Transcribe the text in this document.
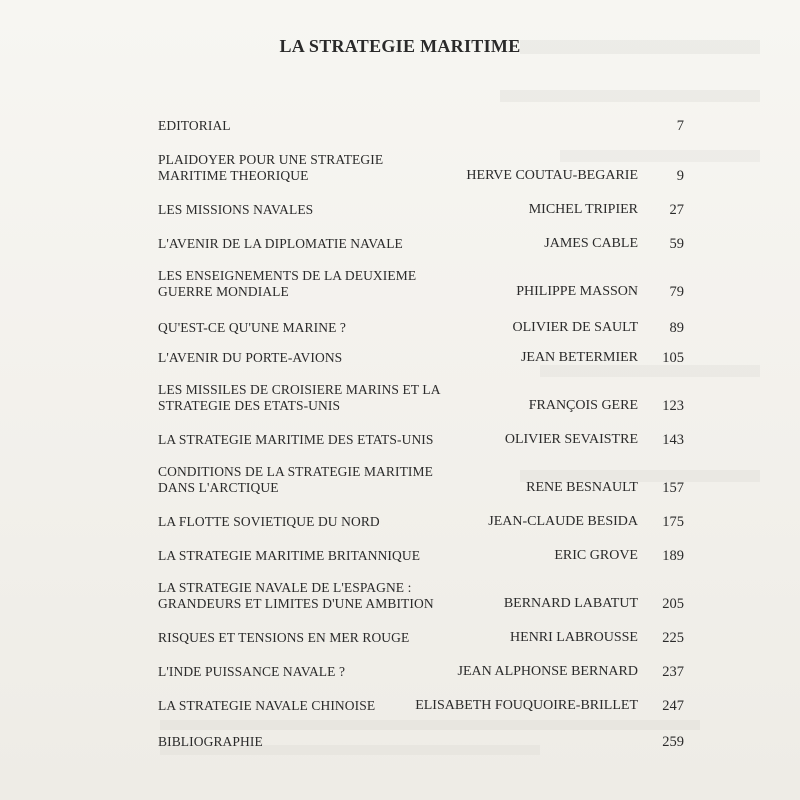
LA STRATEGIE MARITIME
EDITORIAL	7
PLAIDOYER POUR UNE STRATEGIE
MARITIME THEORIQUE	HERVE COUTAU-BEGARIE	9
LES MISSIONS NAVALES	MICHEL TRIPIER	27
L'AVENIR DE LA DIPLOMATIE NAVALE	JAMES CABLE	59
LES ENSEIGNEMENTS DE LA DEUXIEME
GUERRE MONDIALE	PHILIPPE MASSON	79
QU'EST-CE QU'UNE MARINE ?	OLIVIER DE SAULT	89
L'AVENIR DU PORTE-AVIONS	JEAN BETERMIER	105
LES MISSILES DE CROISIERE MARINS ET LA
STRATEGIE DES ETATS-UNIS	FRANÇOIS GERE	123
LA STRATEGIE MARITIME DES ETATS-UNIS	OLIVIER SEVAISTRE	143
CONDITIONS DE LA STRATEGIE MARITIME
DANS L'ARCTIQUE	RENE BESNAULT	157
LA FLOTTE SOVIETIQUE DU NORD	JEAN-CLAUDE BESIDA	175
LA STRATEGIE MARITIME BRITANNIQUE	ERIC GROVE	189
LA STRATEGIE NAVALE DE L'ESPAGNE :
GRANDEURS ET LIMITES D'UNE AMBITION	BERNARD LABATUT	205
RISQUES ET TENSIONS EN MER ROUGE	HENRI LABROUSSE	225
L'INDE PUISSANCE NAVALE ?	JEAN ALPHONSE BERNARD	237
LA STRATEGIE NAVALE CHINOISE	ELISABETH FOUQUOIRE-BRILLET	247
BIBLIOGRAPHIE	259
